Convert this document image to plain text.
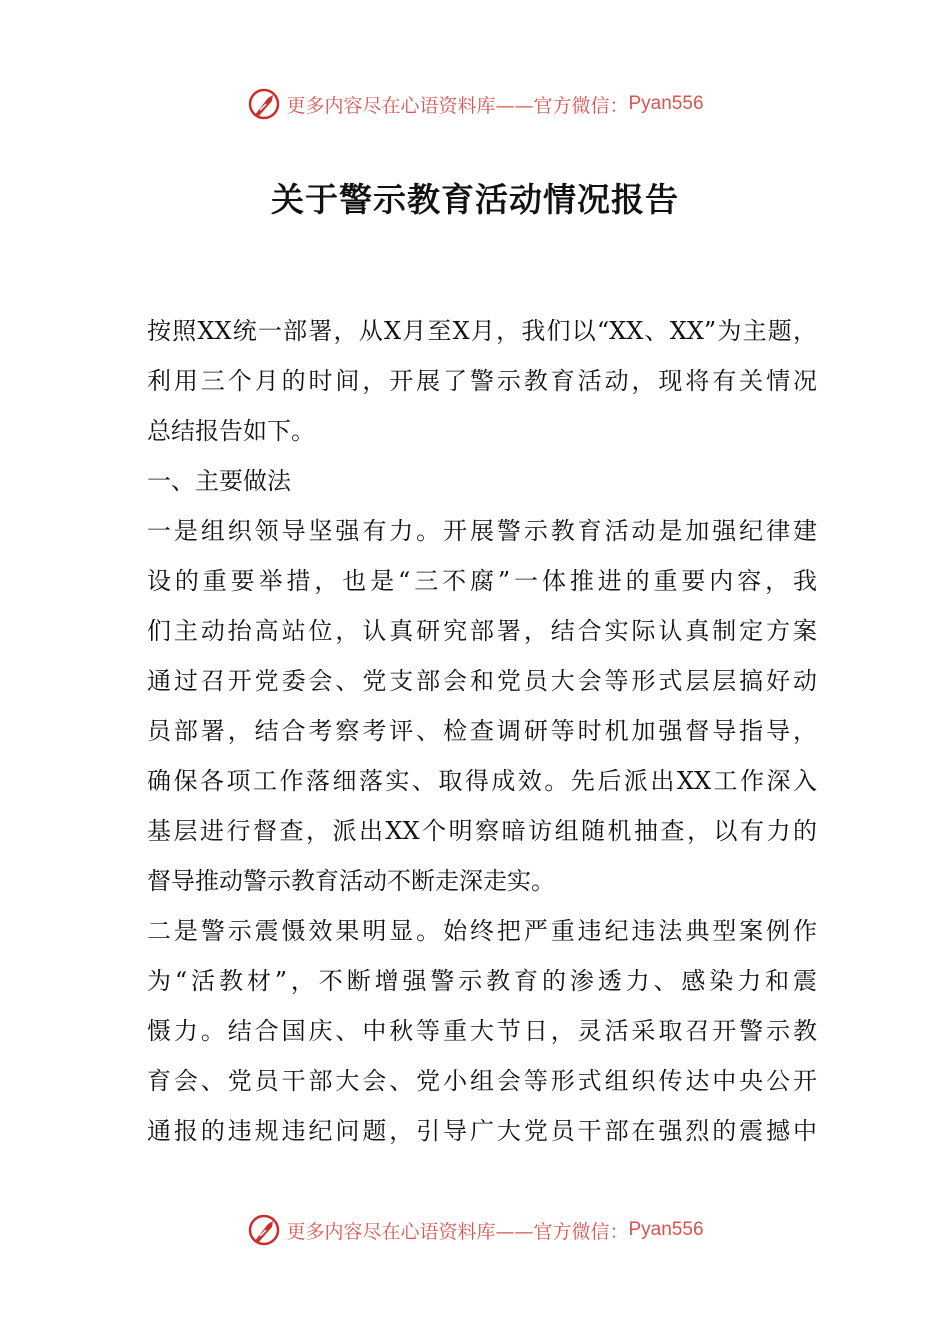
更多内容尽在心语资料库——官方微信： Pyan556
关于警示教育活动情况报告
按照XX统一部署，从X月至X月，我们以“XX、XX”为主题，
利用三个月的时间，开展了警示教育活动，现将有关情况
总结报告如下。
一、主要做法
一是组织领导坚强有力。开展警示教育活动是加强纪律建
设的重要举措，也是“三不腐”一体推进的重要内容，我
们主动抬高站位，认真研究部署，结合实际认真制定方案
通过召开党委会、党支部会和党员大会等形式层层搞好动
员部署，结合考察考评、检查调研等时机加强督导指导，
确保各项工作落细落实、取得成效。先后派出XX工作深入
基层进行督查，派出XX个明察暗访组随机抽查，以有力的
督导推动警示教育活动不断走深走实。
二是警示震慑效果明显。始终把严重违纪违法典型案例作
为“活教材”，不断增强警示教育的渗透力、感染力和震
慑力。结合国庆、中秋等重大节日，灵活采取召开警示教
育会、党员干部大会、党小组会等形式组织传达中央公开
通报的违规违纪问题，引导广大党员干部在强烈的震撼中
更多内容尽在心语资料库——官方微信： Pyan556
